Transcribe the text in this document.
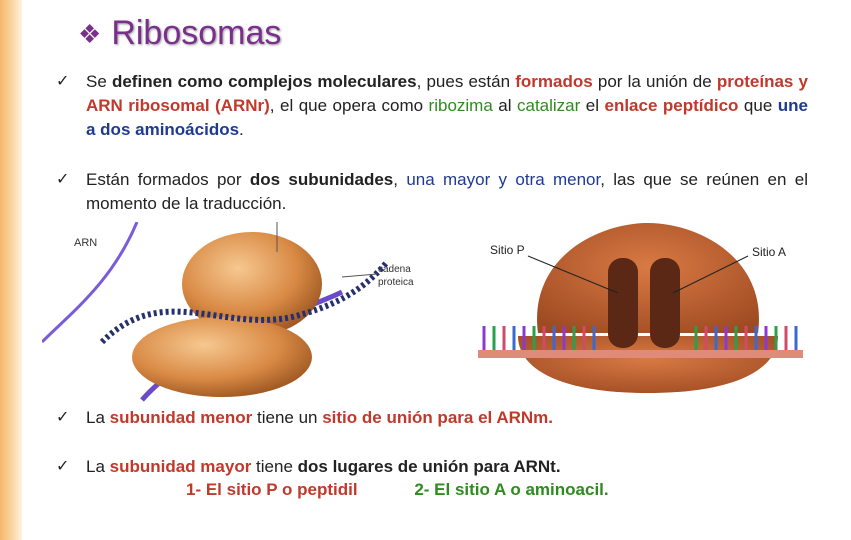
❖ Ribosomas
✓ Se definen como complejos moleculares, pues están formados por la unión de proteínas y ARN ribosomal (ARNr), el que opera como ribozima al catalizar el enlace peptídico que une a dos aminoácidos.
✓ Están formados por dos subunidades, una mayor y otra menor, las que se reúnen en el momento de la traducción.
ARN
cadena
proteica
Sitio P	Sitio A
✓ La subunidad menor tiene un sitio de unión para el ARNm.
✓ La subunidad mayor tiene dos lugares de unión para ARNt.
1- El sitio P o peptidil	2- El sitio A o aminoacil.
